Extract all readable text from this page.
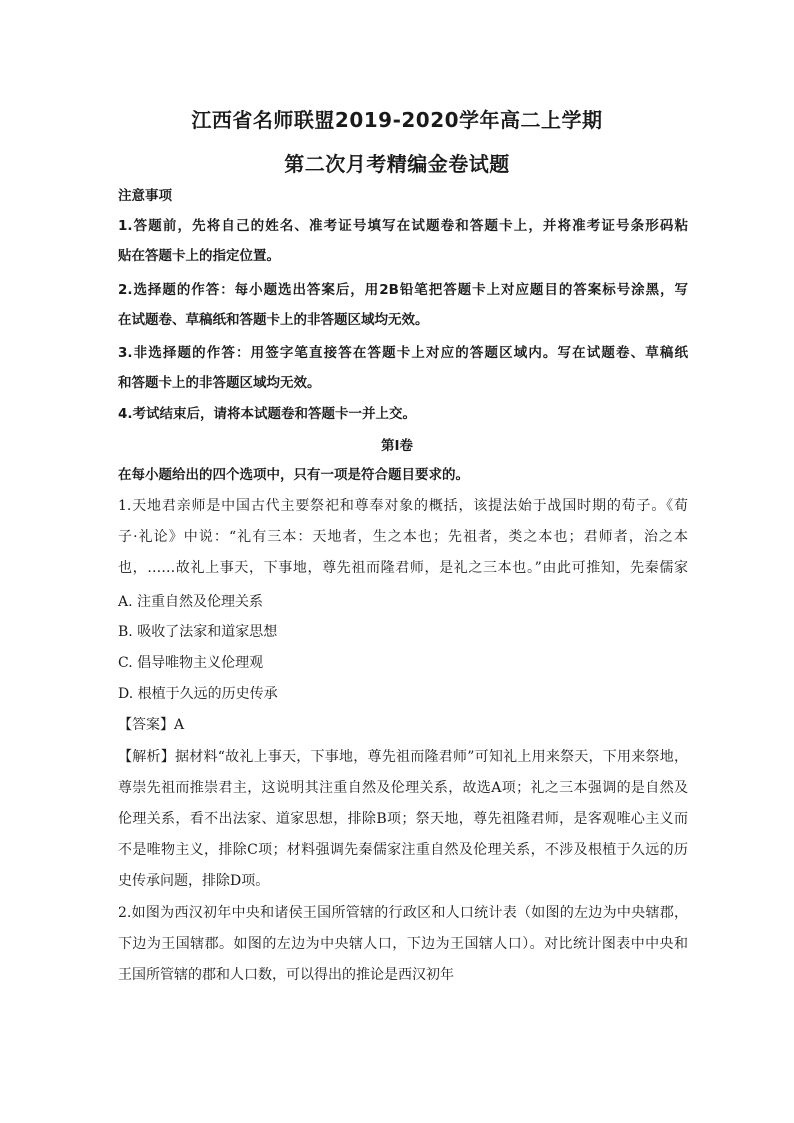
江西省名师联盟2019-2020学年高二上学期
第二次月考精编金卷试题
注意事项
1.答题前，先将自己的姓名、准考证号填写在试题卷和答题卡上，并将准考证号条形码粘
贴在答题卡上的指定位置。
2.选择题的作答：每小题选出答案后，用2B铅笔把答题卡上对应题目的答案标号涂黑，写
在试题卷、草稿纸和答题卡上的非答题区域均无效。
3.非选择题的作答：用签字笔直接答在答题卡上对应的答题区域内。写在试题卷、草稿纸
和答题卡上的非答题区域均无效。
4.考试结束后，请将本试题卷和答题卡一并上交。
第Ⅰ卷
在每小题给出的四个选项中，只有一项是符合题目要求的。
1.天地君亲师是中国古代主要祭祀和尊奉对象的概括，该提法始于战国时期的荀子。《荀
子·礼论》中说：“礼有三本：天地者，生之本也；先祖者，类之本也；君师者，治之本
也，……故礼上事天，下事地，尊先祖而隆君师，是礼之三本也。”由此可推知，先秦儒家
A. 注重自然及伦理关系
B. 吸收了法家和道家思想
C. 倡导唯物主义伦理观
D. 根植于久远的历史传承
【答案】A
【解析】据材料“故礼上事天，下事地，尊先祖而隆君师”可知礼上用来祭天，下用来祭地，
尊崇先祖而推崇君主，这说明其注重自然及伦理关系，故选A项；礼之三本强调的是自然及
伦理关系，看不出法家、道家思想，排除B项；祭天地，尊先祖隆君师，是客观唯心主义而
不是唯物主义，排除C项；材料强调先秦儒家注重自然及伦理关系，不涉及根植于久远的历
史传承问题，排除D项。
2.如图为西汉初年中央和诸侯王国所管辖的行政区和人口统计表（如图的左边为中央辖郡，
下边为王国辖郡。如图的左边为中央辖人口，下边为王国辖人口）。对比统计图表中中央和
王国所管辖的郡和人口数，可以得出的推论是西汉初年
